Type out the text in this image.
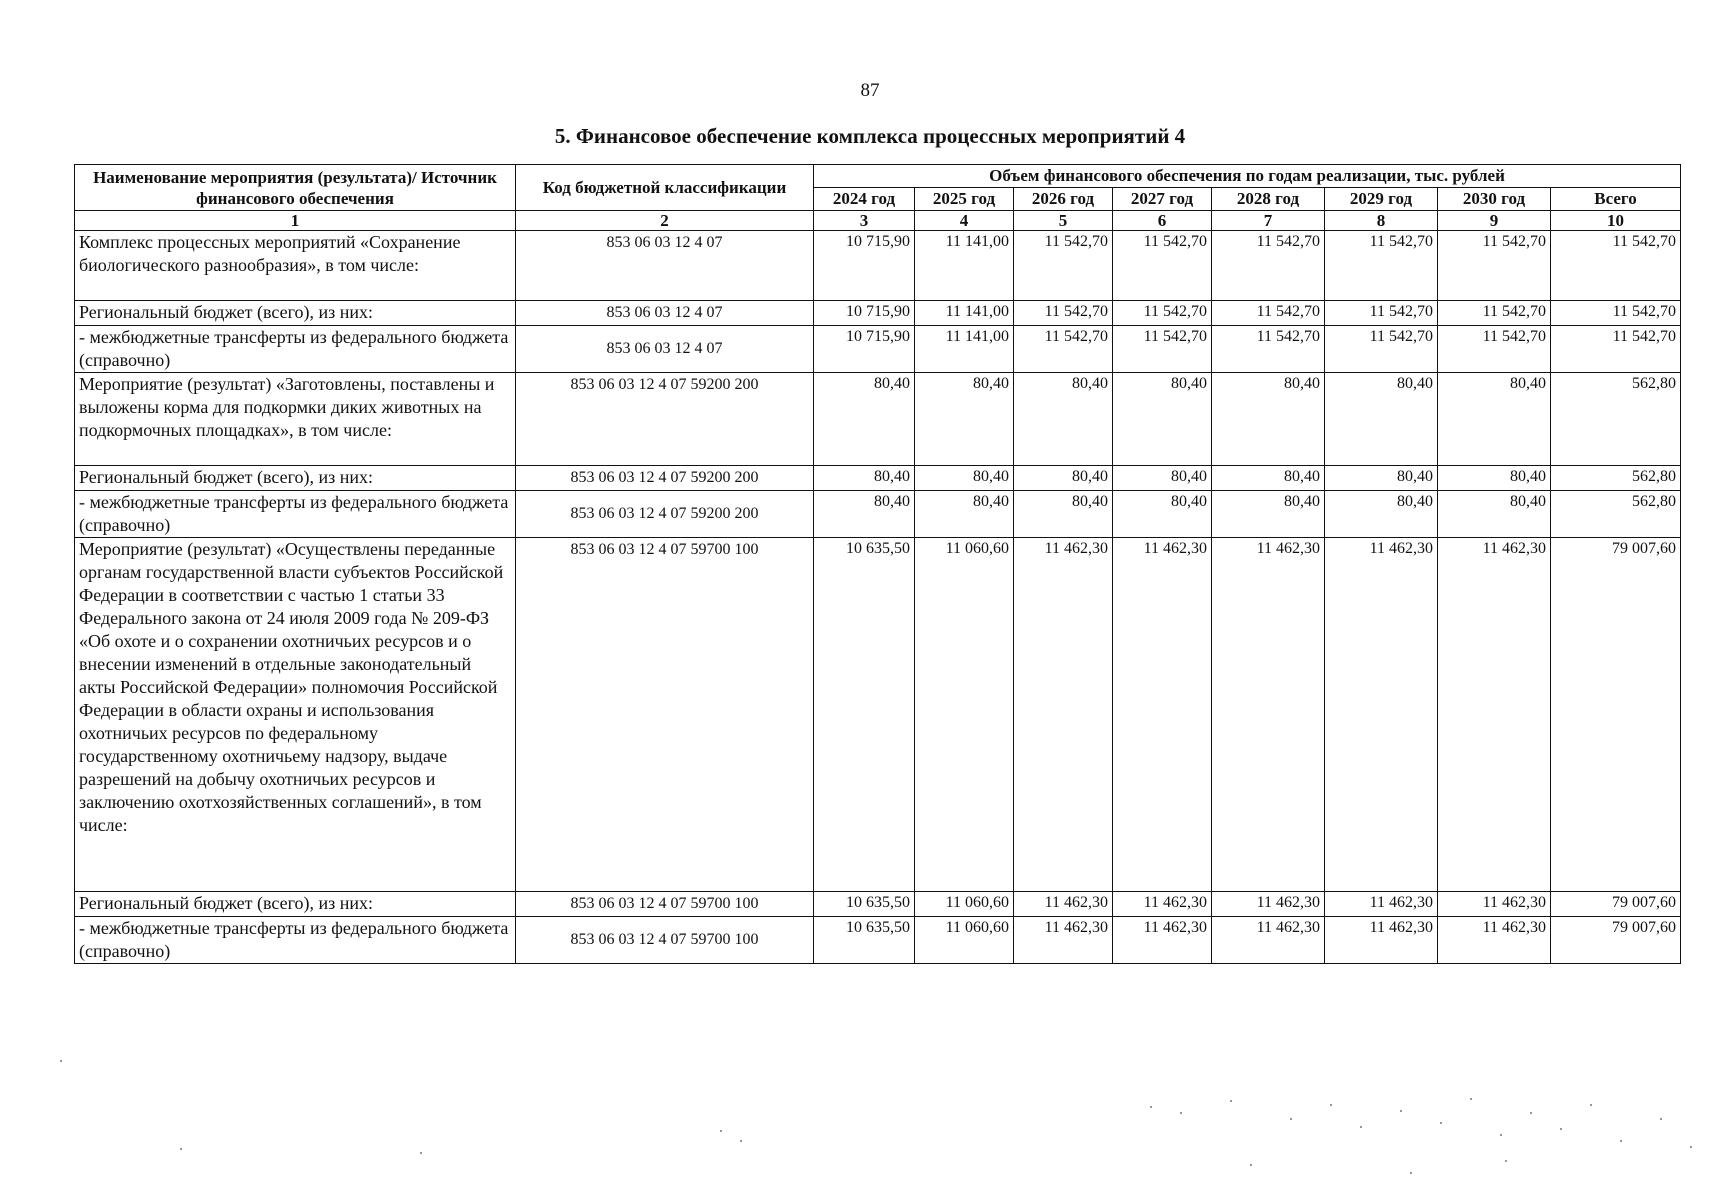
87
5. Финансовое обеспечение комплекса процессных мероприятий 4
Наименование мероприятия (результата)/ Источник финансового обеспечения	Код бюджетной классификации	Объем финансового обеспечения по годам реализации, тыс. рублей							
		2024 год	2025 год	2026 год	2027 год	2028 год	2029 год	2030 год	Всего
1	2	3	4	5	6	7	8	9	10
Комплекс процессных мероприятий «Сохранение биологического разнообразия», в том числе:	853 06 03 12 4 07	10 715,90	11 141,00	11 542,70	11 542,70	11 542,70	11 542,70	11 542,70	11 542,70
Региональный бюджет (всего), из них:	853 06 03 12 4 07	10 715,90	11 141,00	11 542,70	11 542,70	11 542,70	11 542,70	11 542,70	11 542,70
- межбюджетные трансферты из федерального бюджета (справочно)	853 06 03 12 4 07	10 715,90	11 141,00	11 542,70	11 542,70	11 542,70	11 542,70	11 542,70	11 542,70
Мероприятие (результат) «Заготовлены, поставлены и выложены корма для подкормки диких животных на подкормочных площадках», в том числе:	853 06 03 12 4 07 59200 200	80,40	80,40	80,40	80,40	80,40	80,40	80,40	562,80
Региональный бюджет (всего), из них:	853 06 03 12 4 07 59200 200	80,40	80,40	80,40	80,40	80,40	80,40	80,40	562,80
- межбюджетные трансферты из федерального бюджета (справочно)	853 06 03 12 4 07 59200 200	80,40	80,40	80,40	80,40	80,40	80,40	80,40	562,80
Мероприятие (результат) «Осуществлены переданные органам государственной власти субъектов Российской Федерации в соответствии с частью 1 статьи 33 Федерального закона от 24 июля 2009 года № 209-ФЗ «Об охоте и о сохранении охотничьих ресурсов и о внесении изменений в отдельные законодательный акты Российской Федерации» полномочия Российской Федерации в области охраны и использования охотничьих ресурсов по федеральному государственному охотничьему надзору, выдаче разрешений на добычу охотничьих ресурсов и заключению охотхозяйственных соглашений», в том числе:	853 06 03 12 4 07 59700 100	10 635,50	11 060,60	11 462,30	11 462,30	11 462,30	11 462,30	11 462,30	79 007,60
Региональный бюджет (всего), из них:	853 06 03 12 4 07 59700 100	10 635,50	11 060,60	11 462,30	11 462,30	11 462,30	11 462,30	11 462,30	79 007,60
- межбюджетные трансферты из федерального бюджета (справочно)	853 06 03 12 4 07 59700 100	10 635,50	11 060,60	11 462,30	11 462,30	11 462,30	11 462,30	11 462,30	79 007,60
